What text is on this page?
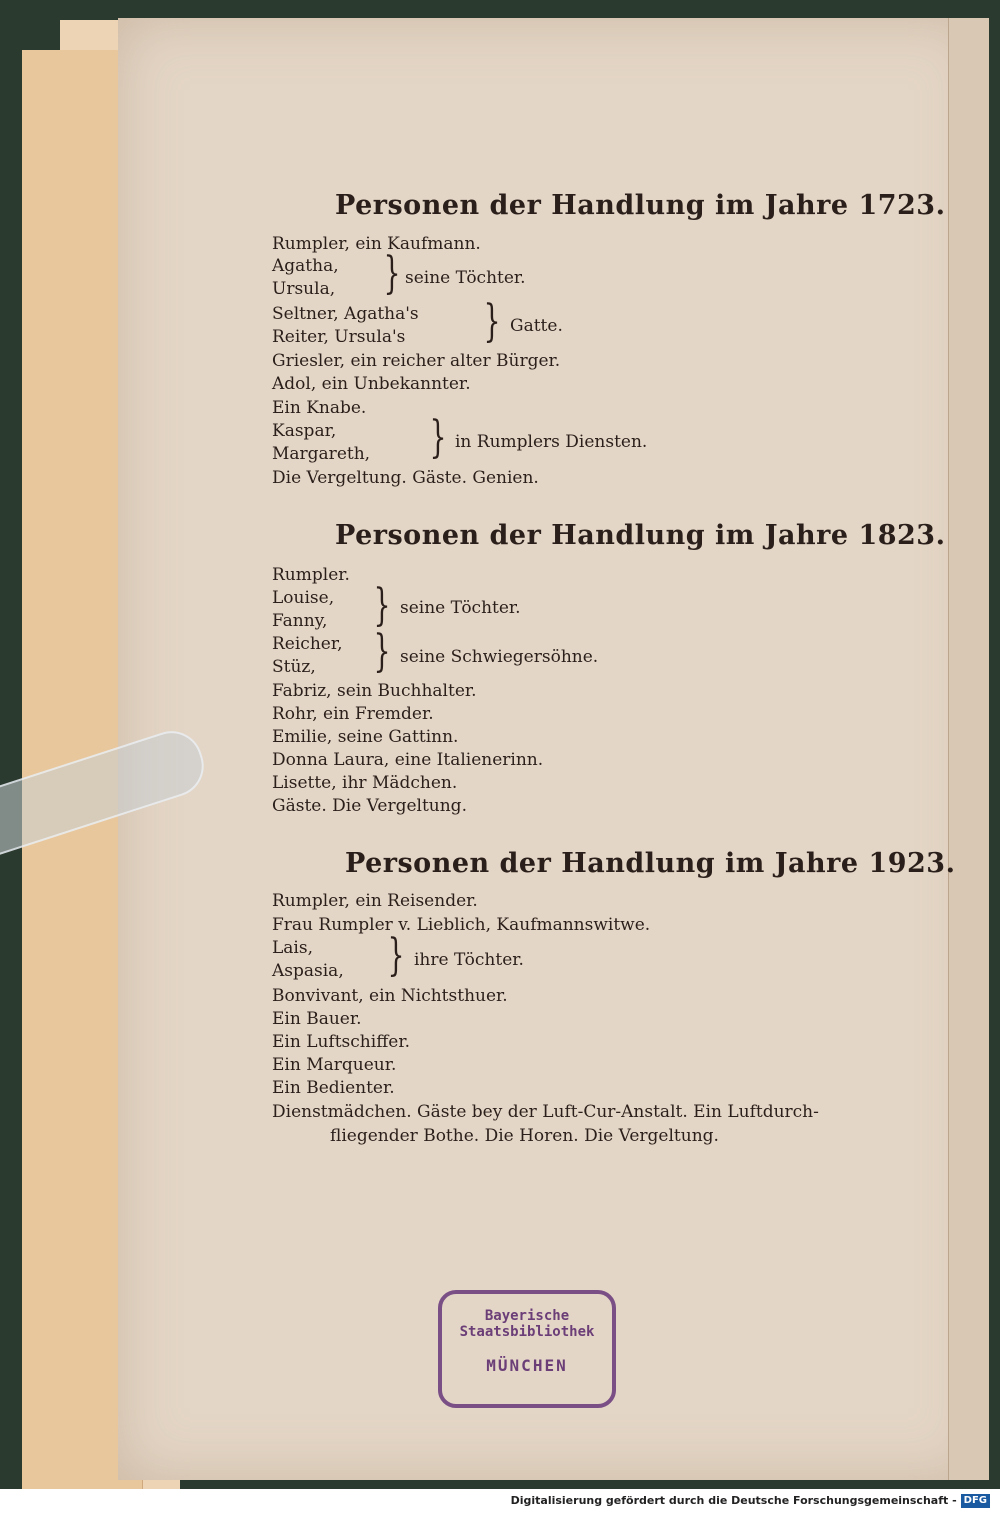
Personen der Handlung im Jahre 1723.
Rumpler, ein Kaufmann.
Agatha,
Ursula, } seine Töchter.
Seltner, Agatha's
Reiter, Ursula's } Gatte.
Griesler, ein reicher alter Bürger.
Adol, ein Unbekannter.
Ein Knabe.
Kaspar,
Margareth, } in Rumplers Diensten.
Die Vergeltung. Gäste. Genien.
Personen der Handlung im Jahre 1823.
Rumpler.
Louise,
Fanny, } seine Töchter.
Reicher,
Stüz, } seine Schwiegersöhne.
Fabriz, sein Buchhalter.
Rohr, ein Fremder.
Emilie, seine Gattinn.
Donna Laura, eine Italienerinn.
Lisette, ihr Mädchen.
Gäste. Die Vergeltung.
Personen der Handlung im Jahre 1923.
Rumpler, ein Reisender.
Frau Rumpler v. Lieblich, Kaufmannswitwe.
Lais,
Aspasia, } ihre Töchter.
Bonvivant, ein Nichtsthuer.
Ein Bauer.
Ein Luftschiffer.
Ein Marqueur.
Ein Bedienter.
Dienstmädchen. Gäste bey der Luft-Cur-Anstalt. Ein Luftdurch-
fliegender Bothe. Die Horen. Die Vergeltung.
Bayerische
Staatsbibliothek
MÜNCHEN
Digitalisierung gefördert durch die Deutsche Forschungsgemeinschaft - DFG
